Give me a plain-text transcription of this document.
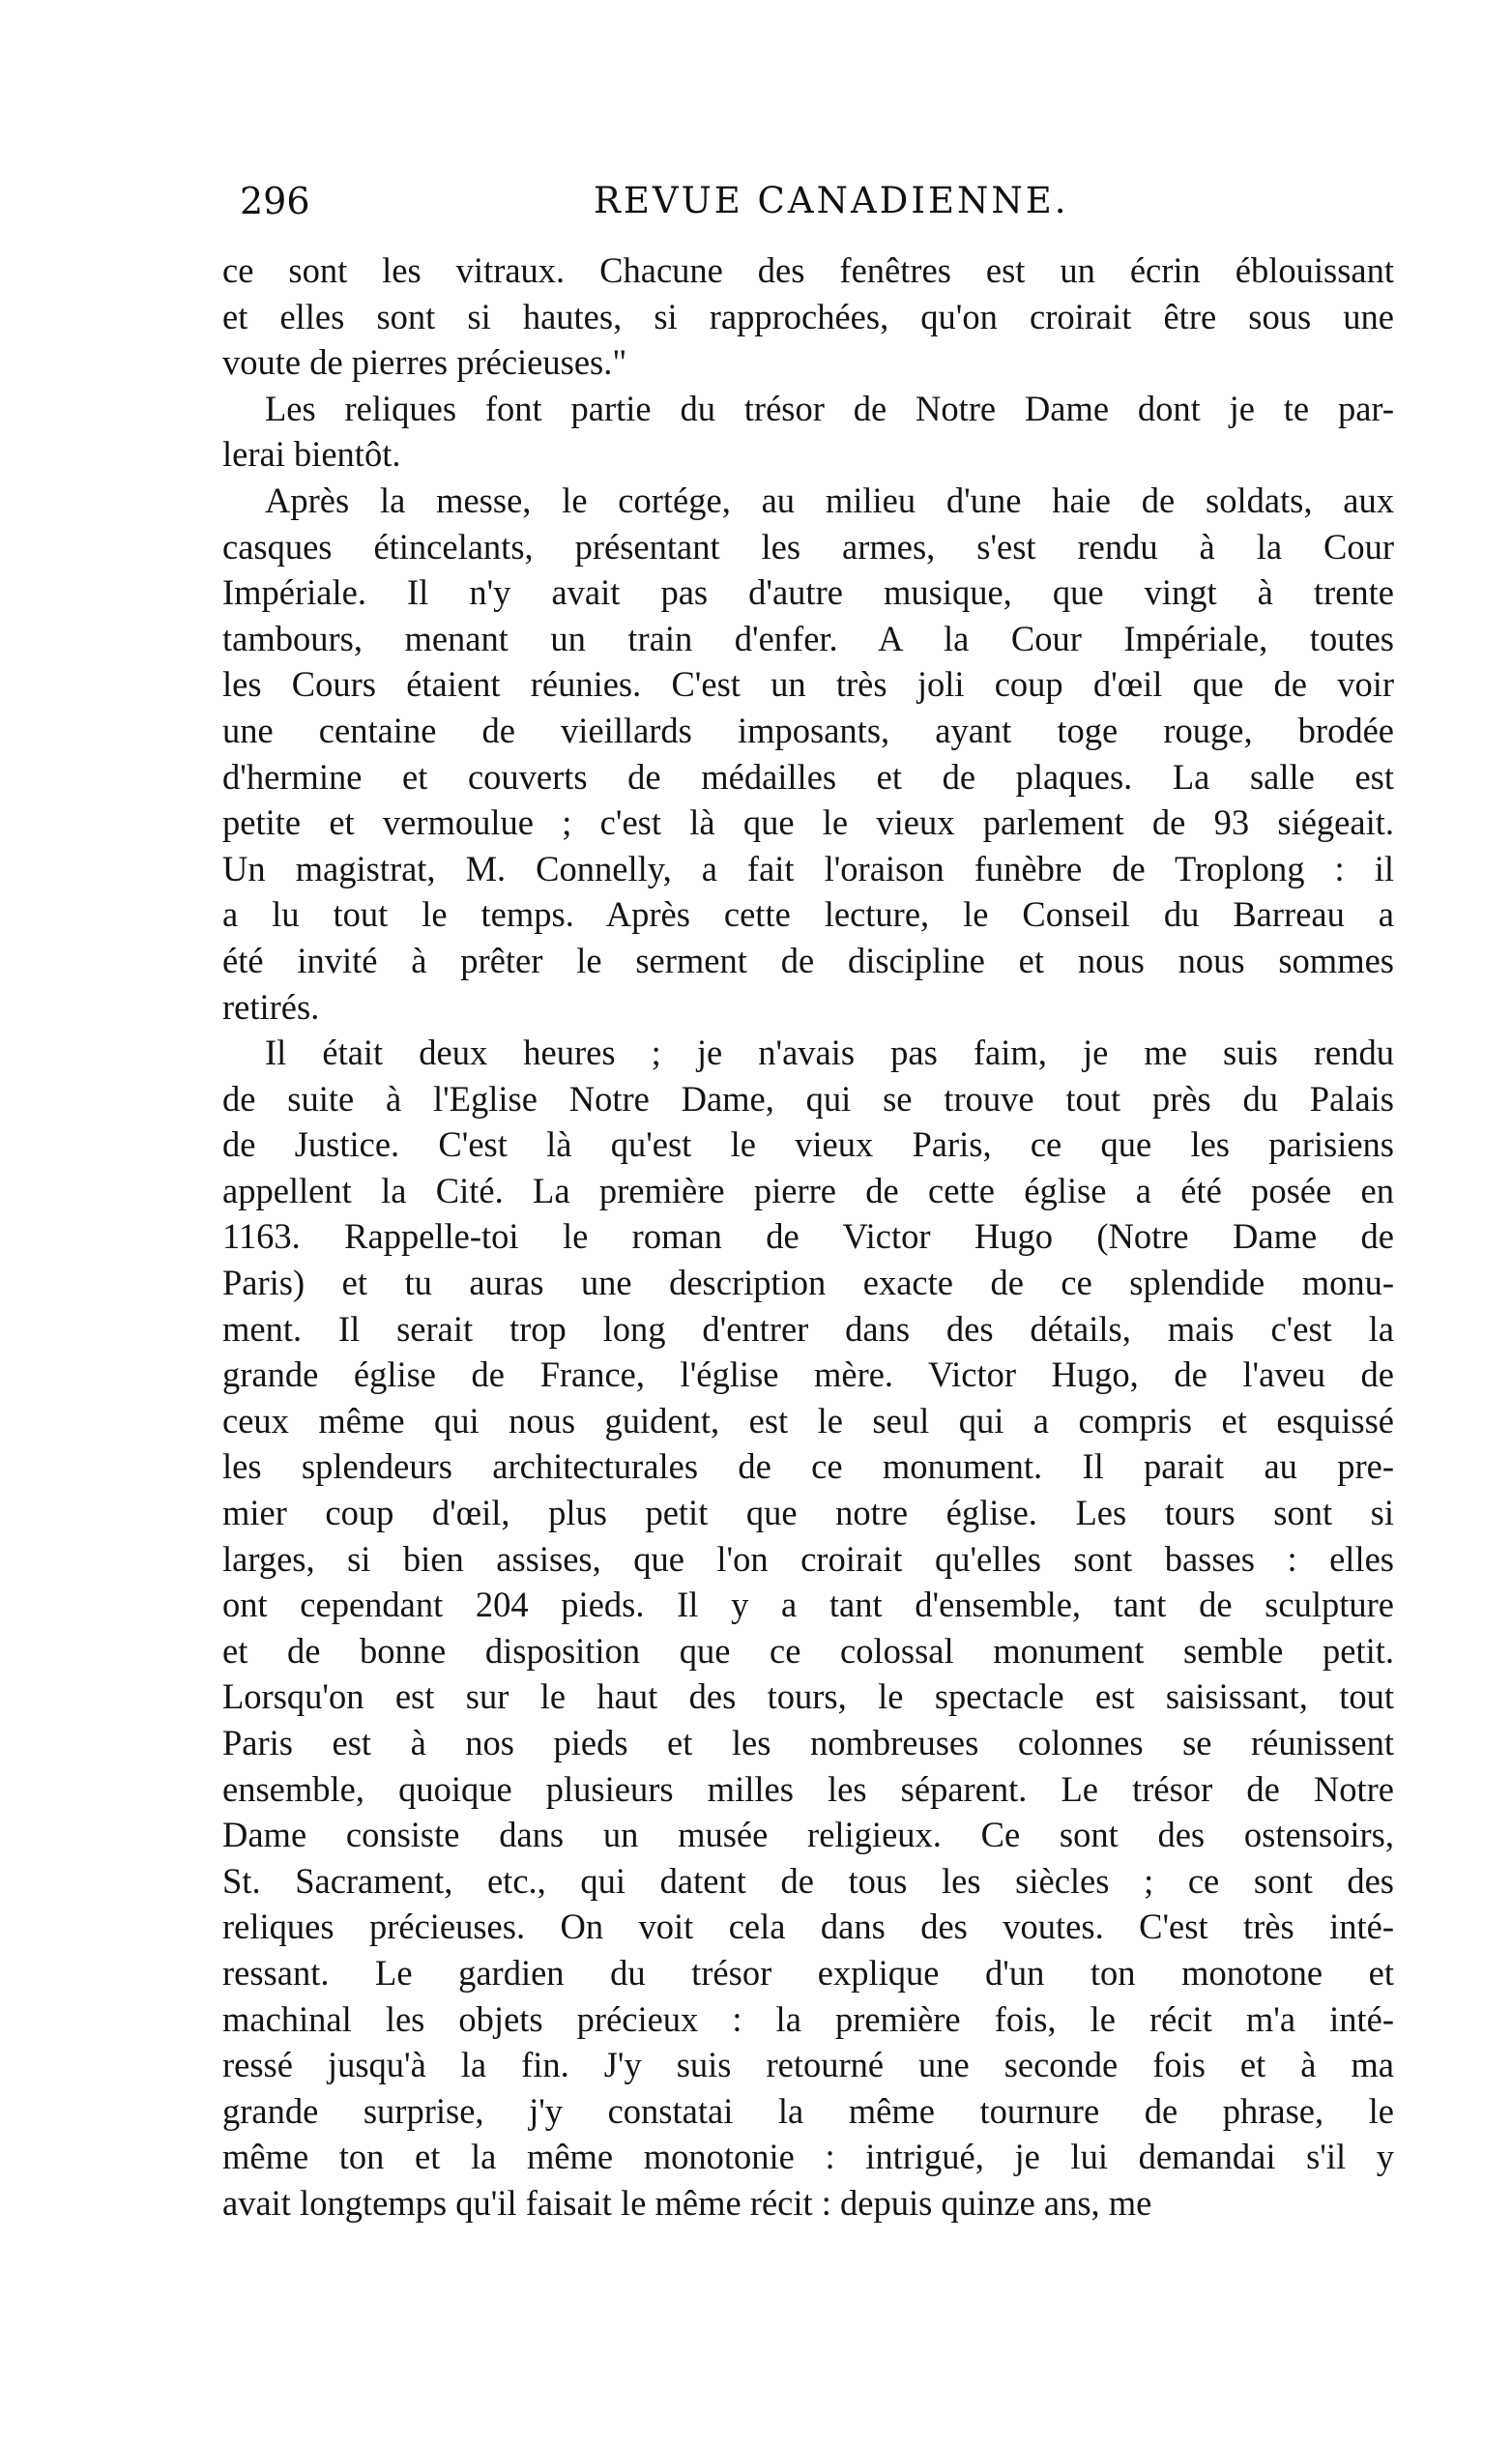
296	REVUE CANADIENNE.
ce sont les vitraux. Chacune des fenêtres est un écrin éblouissant
et elles sont si hautes, si rapprochées, qu'on croirait être sous une
voute de pierres précieuses."
Les reliques font partie du trésor de Notre Dame dont je te par-
lerai bientôt.
Après la messe, le cortége, au milieu d'une haie de soldats, aux
casques étincelants, présentant les armes, s'est rendu à la Cour
Impériale. Il n'y avait pas d'autre musique, que vingt à trente
tambours, menant un train d'enfer. A la Cour Impériale, toutes
les Cours étaient réunies. C'est un très joli coup d'œil que de voir
une centaine de vieillards imposants, ayant toge rouge, brodée
d'hermine et couverts de médailles et de plaques. La salle est
petite et vermoulue ; c'est là que le vieux parlement de 93 siégeait.
Un magistrat, M. Connelly, a fait l'oraison funèbre de Troplong : il
a lu tout le temps. Après cette lecture, le Conseil du Barreau a
été invité à prêter le serment de discipline et nous nous sommes
retirés.
Il était deux heures ; je n'avais pas faim, je me suis rendu
de suite à l'Eglise Notre Dame, qui se trouve tout près du Palais
de Justice. C'est là qu'est le vieux Paris, ce que les parisiens
appellent la Cité. La première pierre de cette église a été posée en
1163. Rappelle-toi le roman de Victor Hugo (Notre Dame de
Paris) et tu auras une description exacte de ce splendide monu-
ment. Il serait trop long d'entrer dans des détails, mais c'est la
grande église de France, l'église mère. Victor Hugo, de l'aveu de
ceux même qui nous guident, est le seul qui a compris et esquissé
les splendeurs architecturales de ce monument. Il parait au pre-
mier coup d'œil, plus petit que notre église. Les tours sont si
larges, si bien assises, que l'on croirait qu'elles sont basses : elles
ont cependant 204 pieds. Il y a tant d'ensemble, tant de sculpture
et de bonne disposition que ce colossal monument semble petit.
Lorsqu'on est sur le haut des tours, le spectacle est saisissant, tout
Paris est à nos pieds et les nombreuses colonnes se réunissent
ensemble, quoique plusieurs milles les séparent. Le trésor de Notre
Dame consiste dans un musée religieux. Ce sont des ostensoirs,
St. Sacrament, etc., qui datent de tous les siècles ; ce sont des
reliques précieuses. On voit cela dans des voutes. C'est très inté-
ressant. Le gardien du trésor explique d'un ton monotone et
machinal les objets précieux : la première fois, le récit m'a inté-
ressé jusqu'à la fin. J'y suis retourné une seconde fois et à ma
grande surprise, j'y constatai la même tournure de phrase, le
même ton et la même monotonie : intrigué, je lui demandai s'il y
avait longtemps qu'il faisait le même récit : depuis quinze ans, me
